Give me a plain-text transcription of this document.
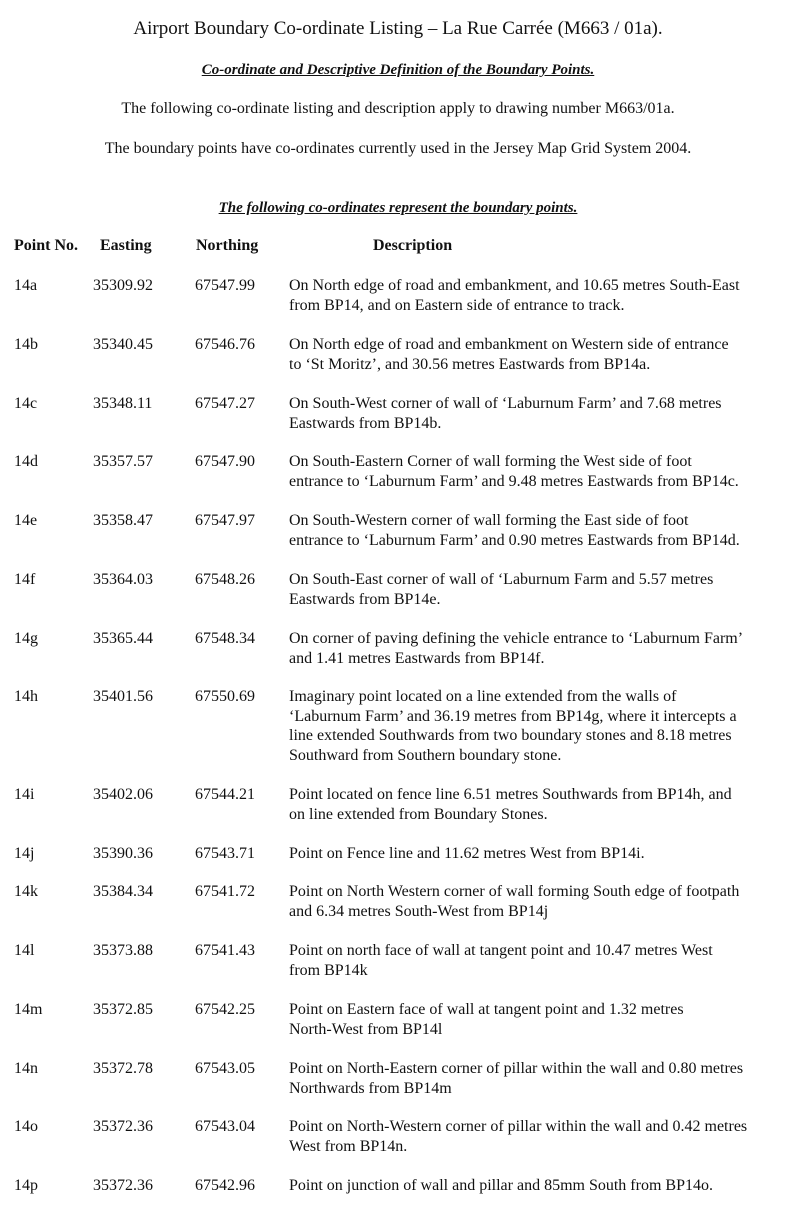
Airport Boundary Co-ordinate Listing – La Rue Carrée (M663 / 01a).
Co-ordinate and Descriptive Definition of the Boundary Points.
The following co-ordinate listing and description apply to drawing number M663/01a.
The boundary points have co-ordinates currently used in the Jersey Map Grid System 2004.
The following co-ordinates represent the boundary points.
Point No. Easting	Northing	Description
14a	35309.92	67547.99 On North edge of road and embankment, and 10.65 metres South-East
from BP14, and on Eastern side of entrance to track.
14b	35340.45	67546.76 On North edge of road and embankment on Western side of entrance
to ‘St Moritz’, and 30.56 metres Eastwards from BP14a.
14c	35348.11	67547.27 On South-West corner of wall of ‘Laburnum Farm’ and 7.68 metres
Eastwards from BP14b.
14d	35357.57	67547.90 On South-Eastern Corner of wall forming the West side of foot
entrance to ‘Laburnum Farm’ and 9.48 metres Eastwards from BP14c.
14e	35358.47	67547.97 On South-Western corner of wall forming the East side of foot
entrance to ‘Laburnum Farm’ and 0.90 metres Eastwards from BP14d.
14f	35364.03	67548.26 On South-East corner of wall of ‘Laburnum Farm and 5.57 metres
Eastwards from BP14e.
14g	35365.44	67548.34 On corner of paving defining the vehicle entrance to ‘Laburnum Farm’
and 1.41 metres Eastwards from BP14f.
14h	35401.56	67550.69 Imaginary point located on a line extended from the walls of
‘Laburnum Farm’ and 36.19 metres from BP14g, where it intercepts a
line extended Southwards from two boundary stones and 8.18 metres
Southward from Southern boundary stone.
14i	35402.06	67544.21 Point located on fence line 6.51 metres Southwards from BP14h, and
on line extended from Boundary Stones.
14j	35390.36	67543.71 Point on Fence line and 11.62 metres West from BP14i.
14k	35384.34	67541.72 Point on North Western corner of wall forming South edge of footpath
and 6.34 metres South-West from BP14j
14l	35373.88	67541.43 Point on north face of wall at tangent point and 10.47 metres West
from BP14k
14m	35372.85	67542.25 Point on Eastern face of wall at tangent point and 1.32 metres
North-West from BP14l
14n	35372.78	67543.05 Point on North-Eastern corner of pillar within the wall and 0.80 metres
Northwards from BP14m
14o	35372.36	67543.04 Point on North-Western corner of pillar within the wall and 0.42 metres
West from BP14n.
14p	35372.36	67542.96 Point on junction of wall and pillar and 85mm South from BP14o.
